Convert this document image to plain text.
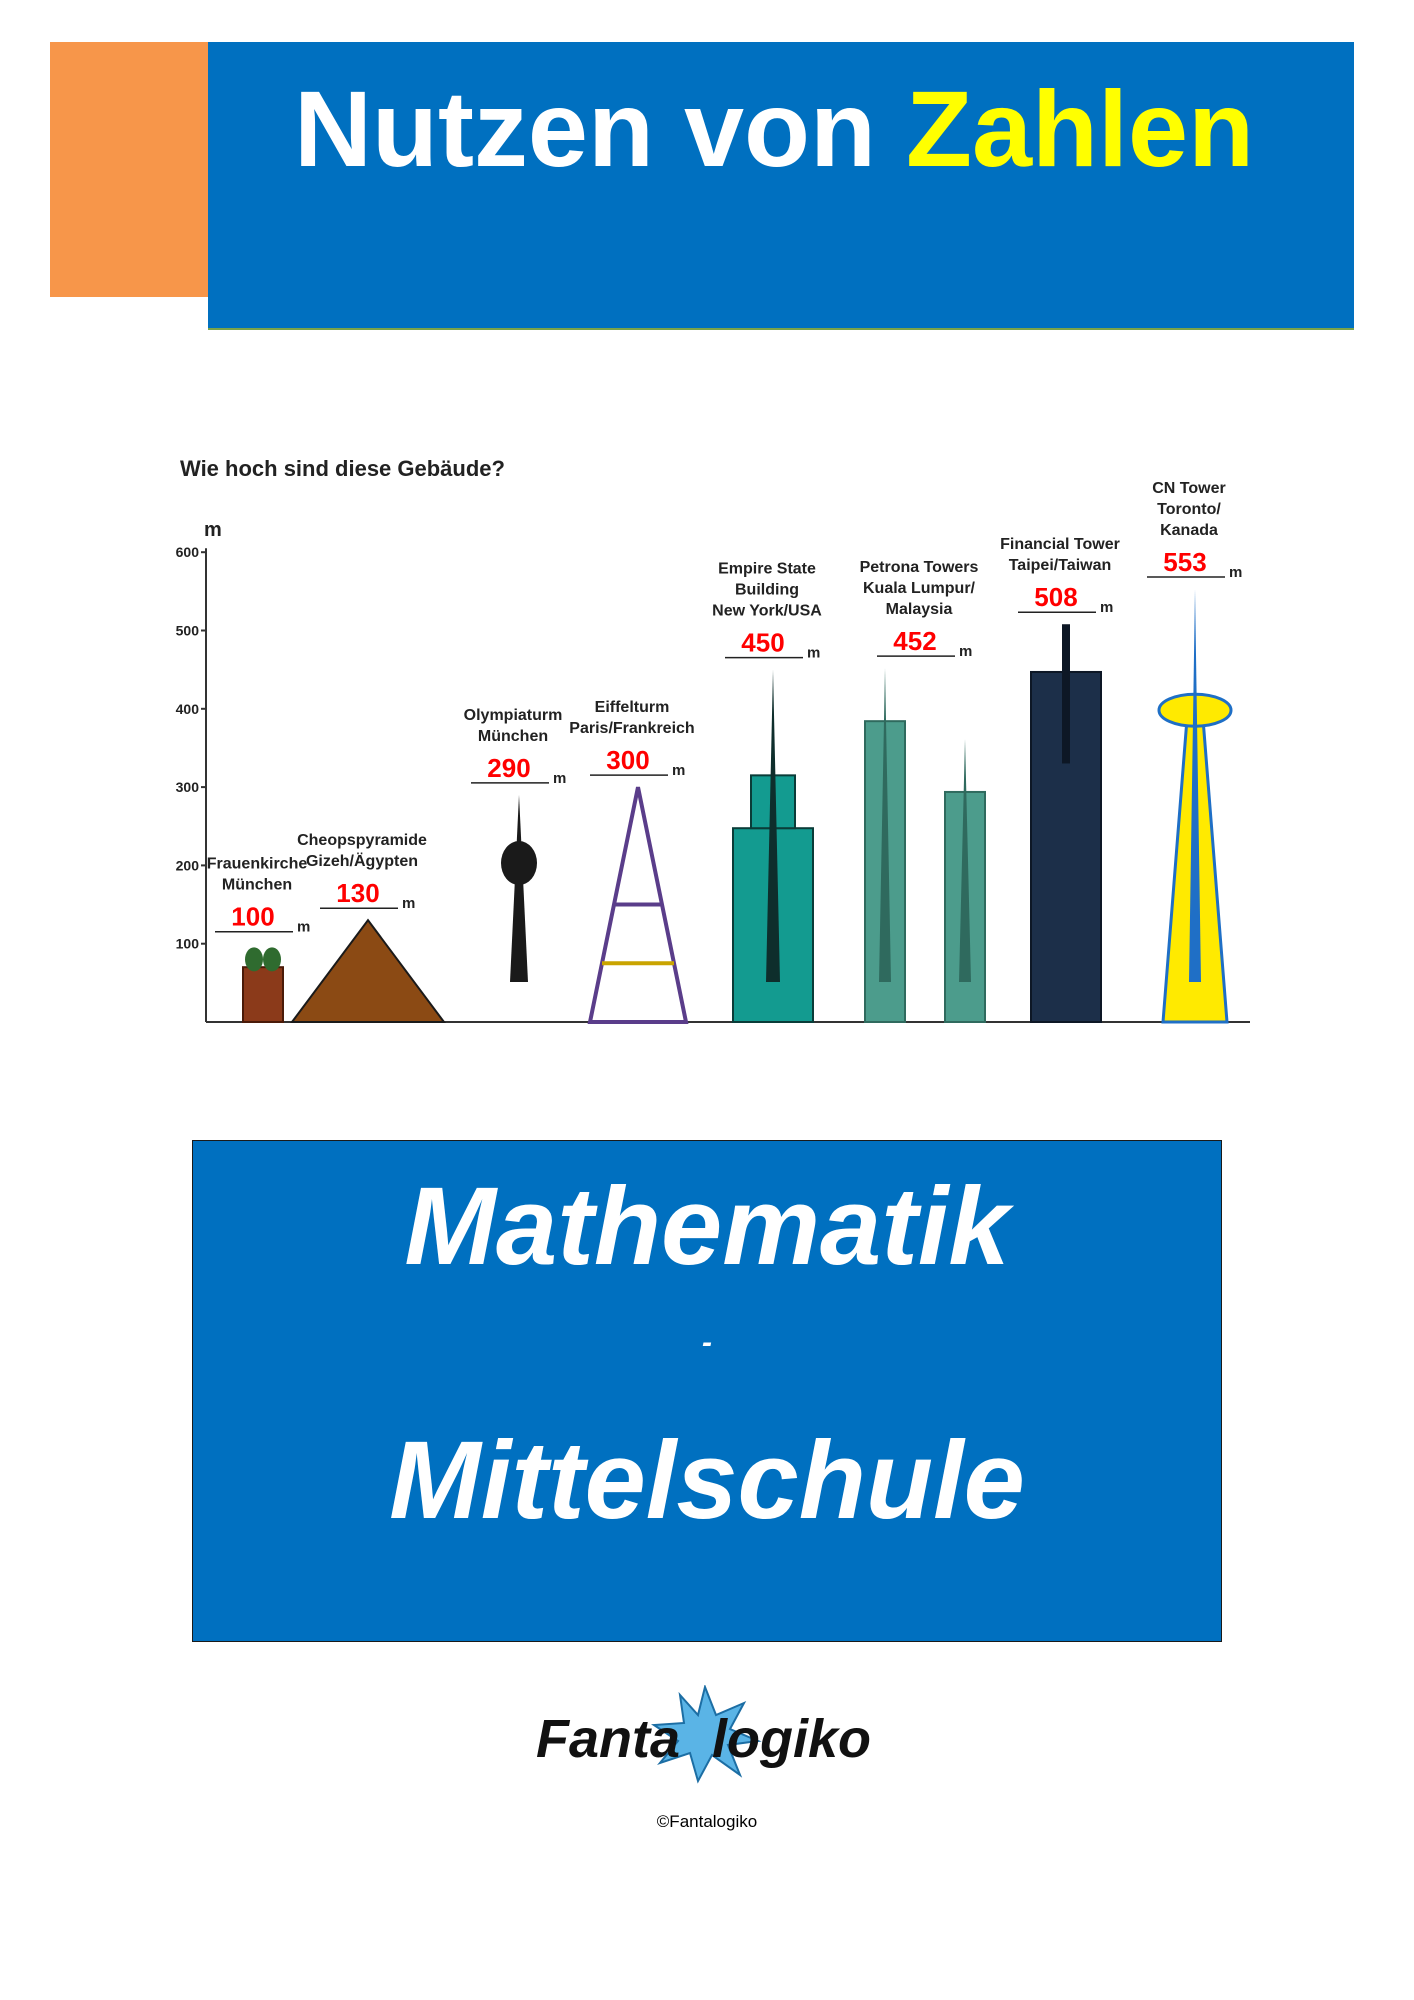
Nutzen von Zahlen
Wie hoch sind diese Gebäude?
m
100
200
300
400
500
600
m
100
Frauenkirche
München
m
130
Cheopspyramide
Gizeh/Ägypten
m
290
Olympiaturm
München
m
300
Eiffelturm
Paris/Frankreich
m
450
Empire State
Building
New York/USA
m
452
Petrona Towers
Kuala Lumpur/
Malaysia	m
508
Financial Tower
Taipei/Taiwan	m
553
CN Tower
Toronto/
Kanada

Mathematik

-

Mittelschule

Fanta logiko

©Fantalogiko
